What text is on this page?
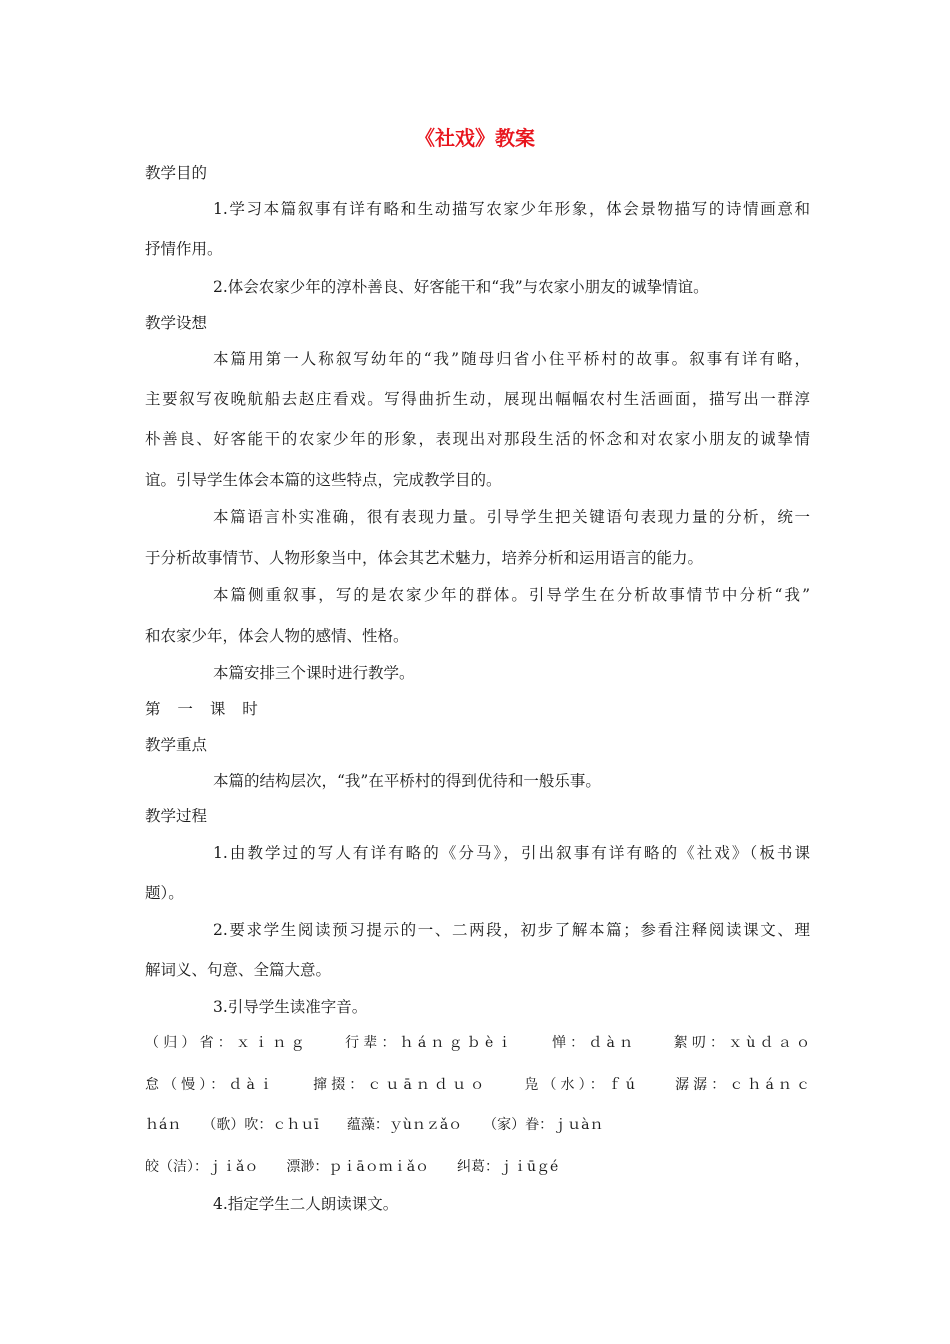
《社戏》教案
教学目的
1.学习本篇叙事有详有略和生动描写农家少年形象，体会景物描写的诗情画意和
抒情作用。
2.体会农家少年的淳朴善良、好客能干和“我”与农家小朋友的诚挚情谊。
教学设想
本篇用第一人称叙写幼年的“我”随母归省小住平桥村的故事。叙事有详有略，
主要叙写夜晚航船去赵庄看戏。写得曲折生动，展现出幅幅农村生活画面，描写出一群淳
朴善良、好客能干的农家少年的形象，表现出对那段生活的怀念和对农家小朋友的诚挚情
谊。引导学生体会本篇的这些特点，完成教学目的。
本篇语言朴实准确，很有表现力量。引导学生把关键语句表现力量的分析，统一
于分析故事情节、人物形象当中，体会其艺术魅力，培养分析和运用语言的能力。
本篇侧重叙事，写的是农家少年的群体。引导学生在分析故事情节中分析“我”
和农家少年，体会人物的感情、性格。
本篇安排三个课时进行教学。
第 一 课 时
教学重点
本篇的结构层次，“我”在平桥村的得到优待和一般乐事。
教学过程
1.由教学过的写人有详有略的《分马》，引出叙事有详有略的《社戏》（板书课
题）。
2.要求学生阅读预习提示的一、二两段，初步了解本篇；参看注释阅读课文、理
解词义、句意、全篇大意。
3.引导学生读准字音。
（归）省：ｘｉｎｇ　　行辈：ｈáｎｇｂèｉ　　惮：ｄàｎ　　絮叨：ｘùｄａｏ
怠（慢）：ｄàｉ　　撺掇：ｃｕāｎｄｕｏ　　凫（水）：ｆú　　潺潺：ｃｈáｎｃ
ｈáｎ　　（歌）吹：ｃｈｕī　　蕴藻：ｙùｎｚǎｏ　　（家）眷：ｊｕàｎ
皎（洁）：ｊｉǎｏ　　漂渺：ｐｉāｏｍｉǎｏ　　纠葛：ｊｉūｇé
4.指定学生二人朗读课文。
